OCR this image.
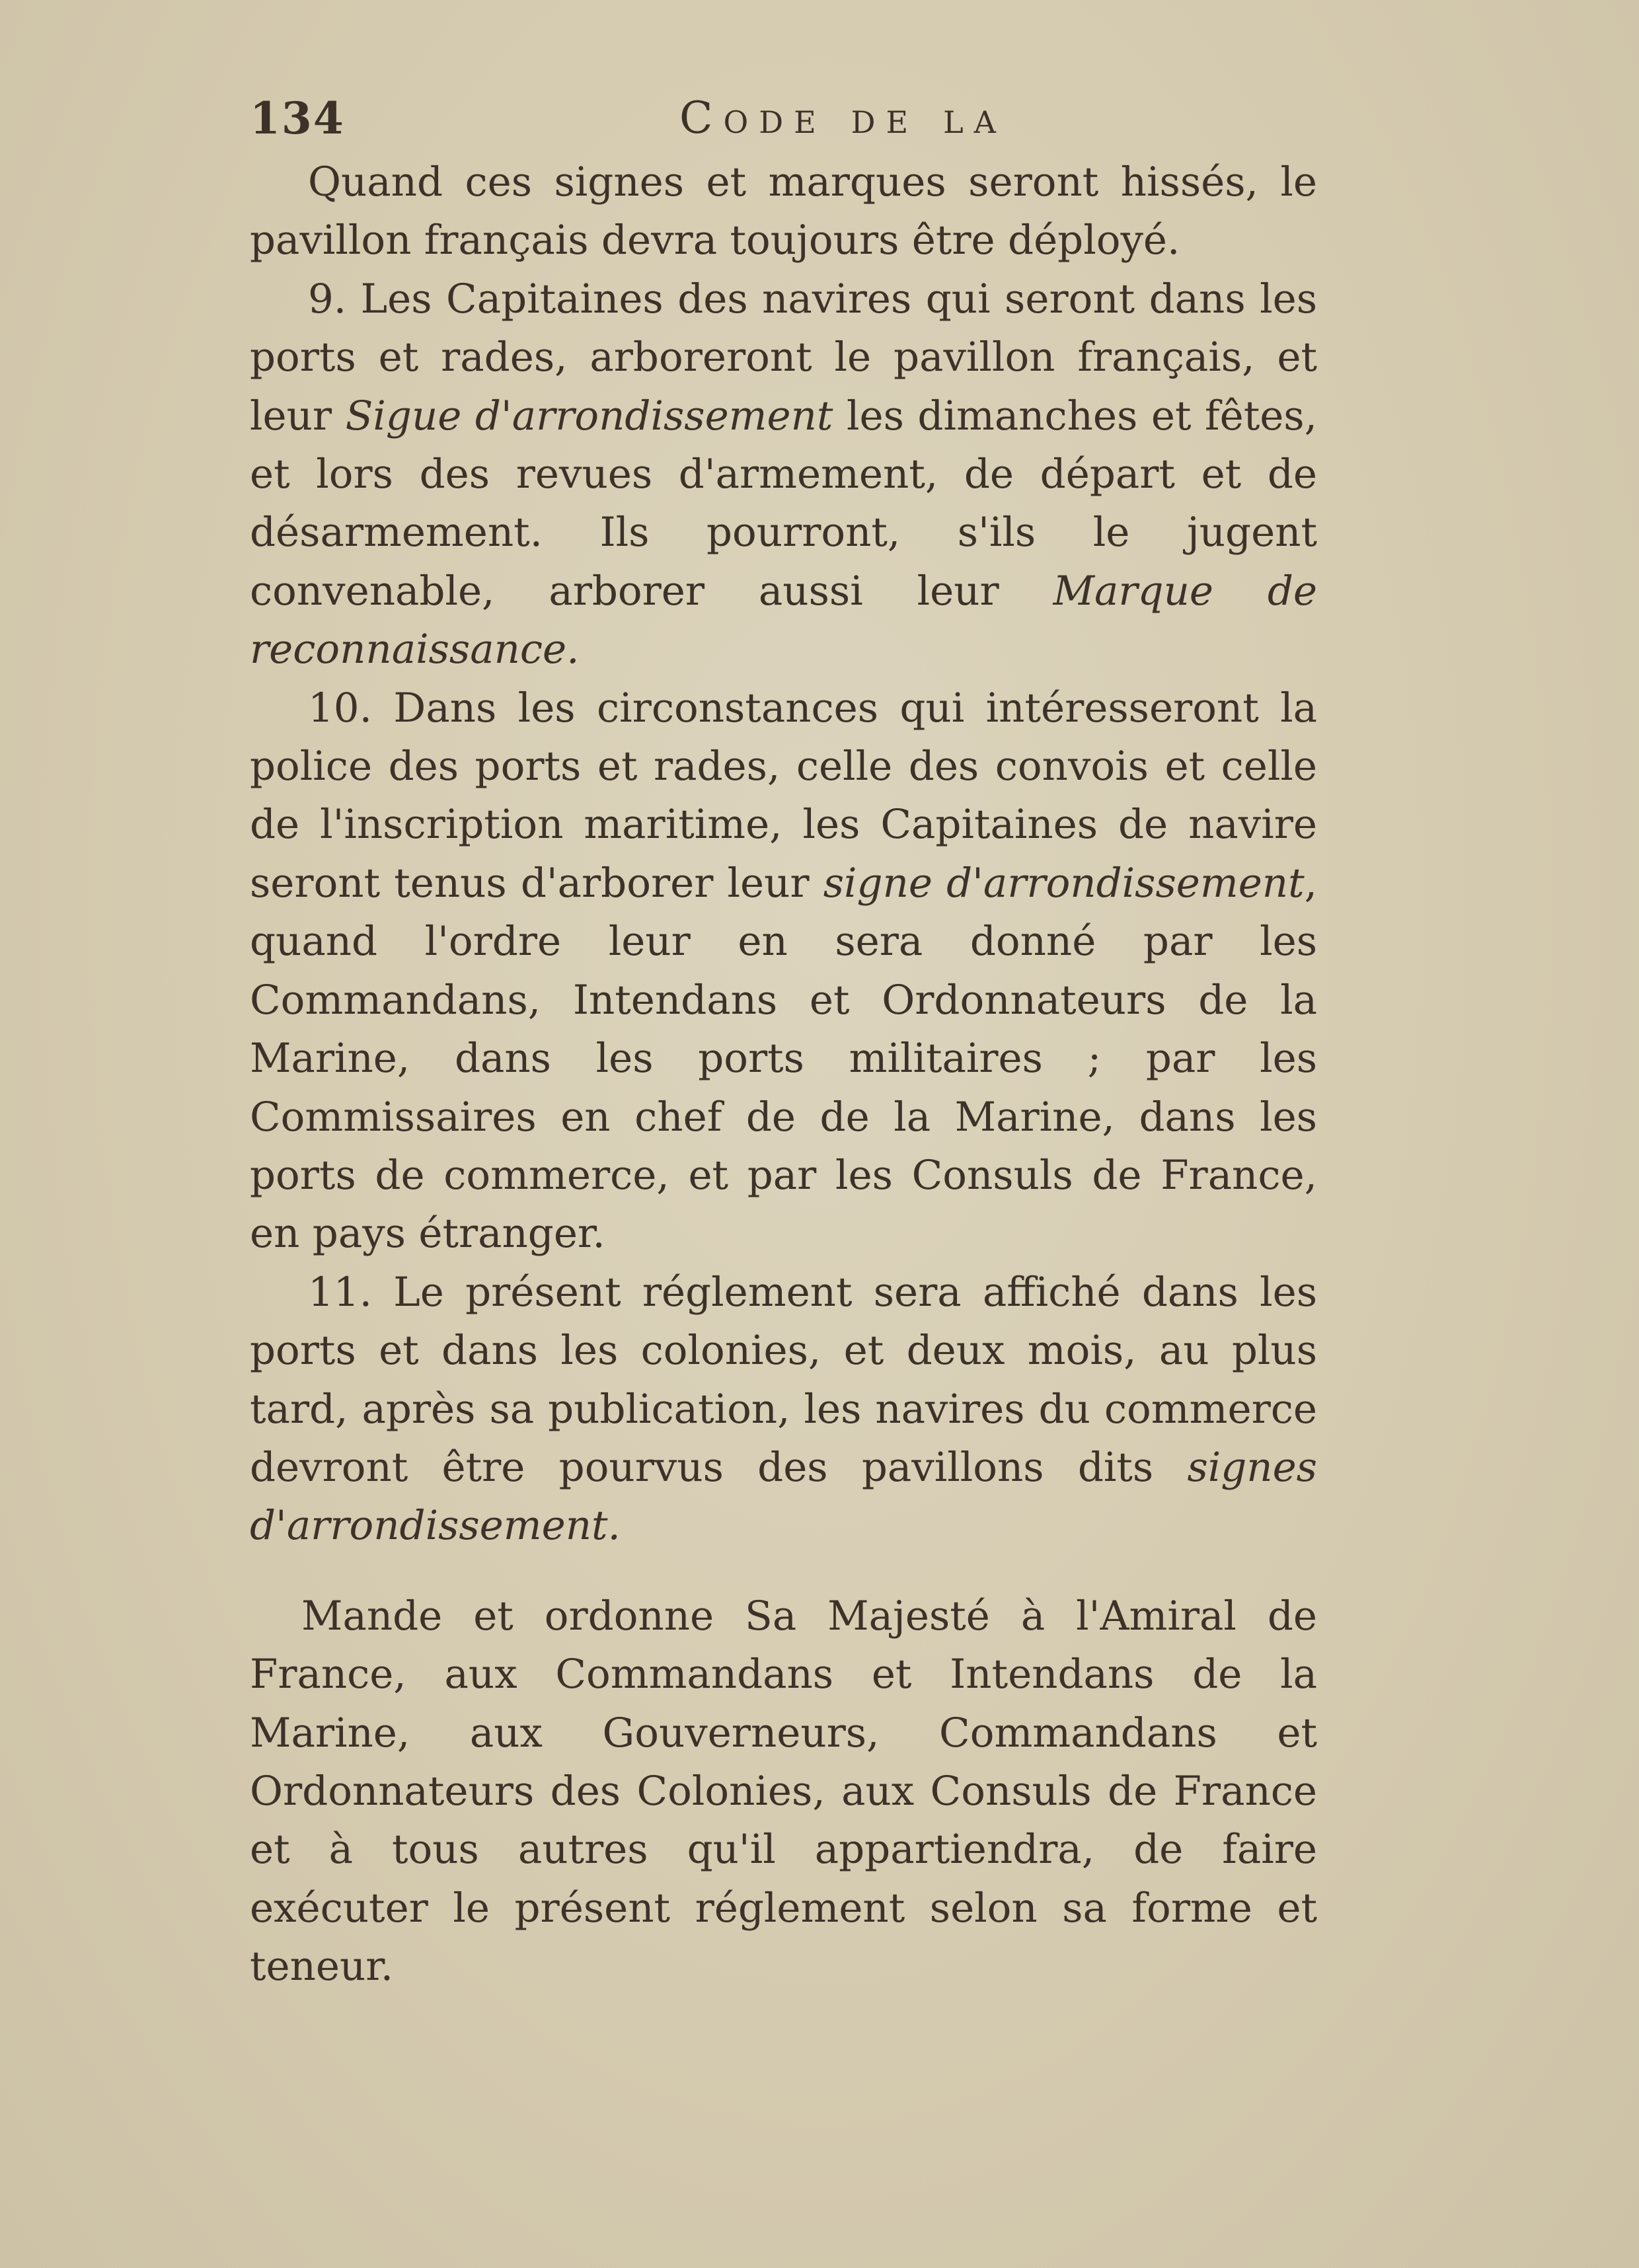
134	Code de la

Quand ces signes et marques seront hissés, le pavillon français devra toujours être déployé.

9. Les Capitaines des navires qui seront dans les ports et rades, arboreront le pavillon français, et leur Sigue d'arrondissement les dimanches et fêtes, et lors des revues d'armement, de départ et de désarmement. Ils pourront, s'ils le jugent convenable, arborer aussi leur Marque de reconnaissance.

10. Dans les circonstances qui intéresseront la police des ports et rades, celle des convois et celle de l'inscription maritime, les Capitaines de navire seront tenus d'arborer leur signe d'arrondissement, quand l'ordre leur en sera donné par les Commandans, Intendans et Ordonnateurs de la Marine, dans les ports militaires ; par les Commissaires en chef de de la Marine, dans les ports de commerce, et par les Consuls de France, en pays étranger.

11. Le présent réglement sera affiché dans les ports et dans les colonies, et deux mois, au plus tard, après sa publication, les navires du commerce devront être pourvus des pavillons dits signes d'arrondissement.

Mande et ordonne Sa Majesté à l'Amiral de France, aux Commandans et Intendans de la Marine, aux Gouverneurs, Commandans et Ordonnateurs des Colonies, aux Consuls de France et à tous autres qu'il appartiendra, de faire exécuter le présent réglement selon sa forme et teneur.
